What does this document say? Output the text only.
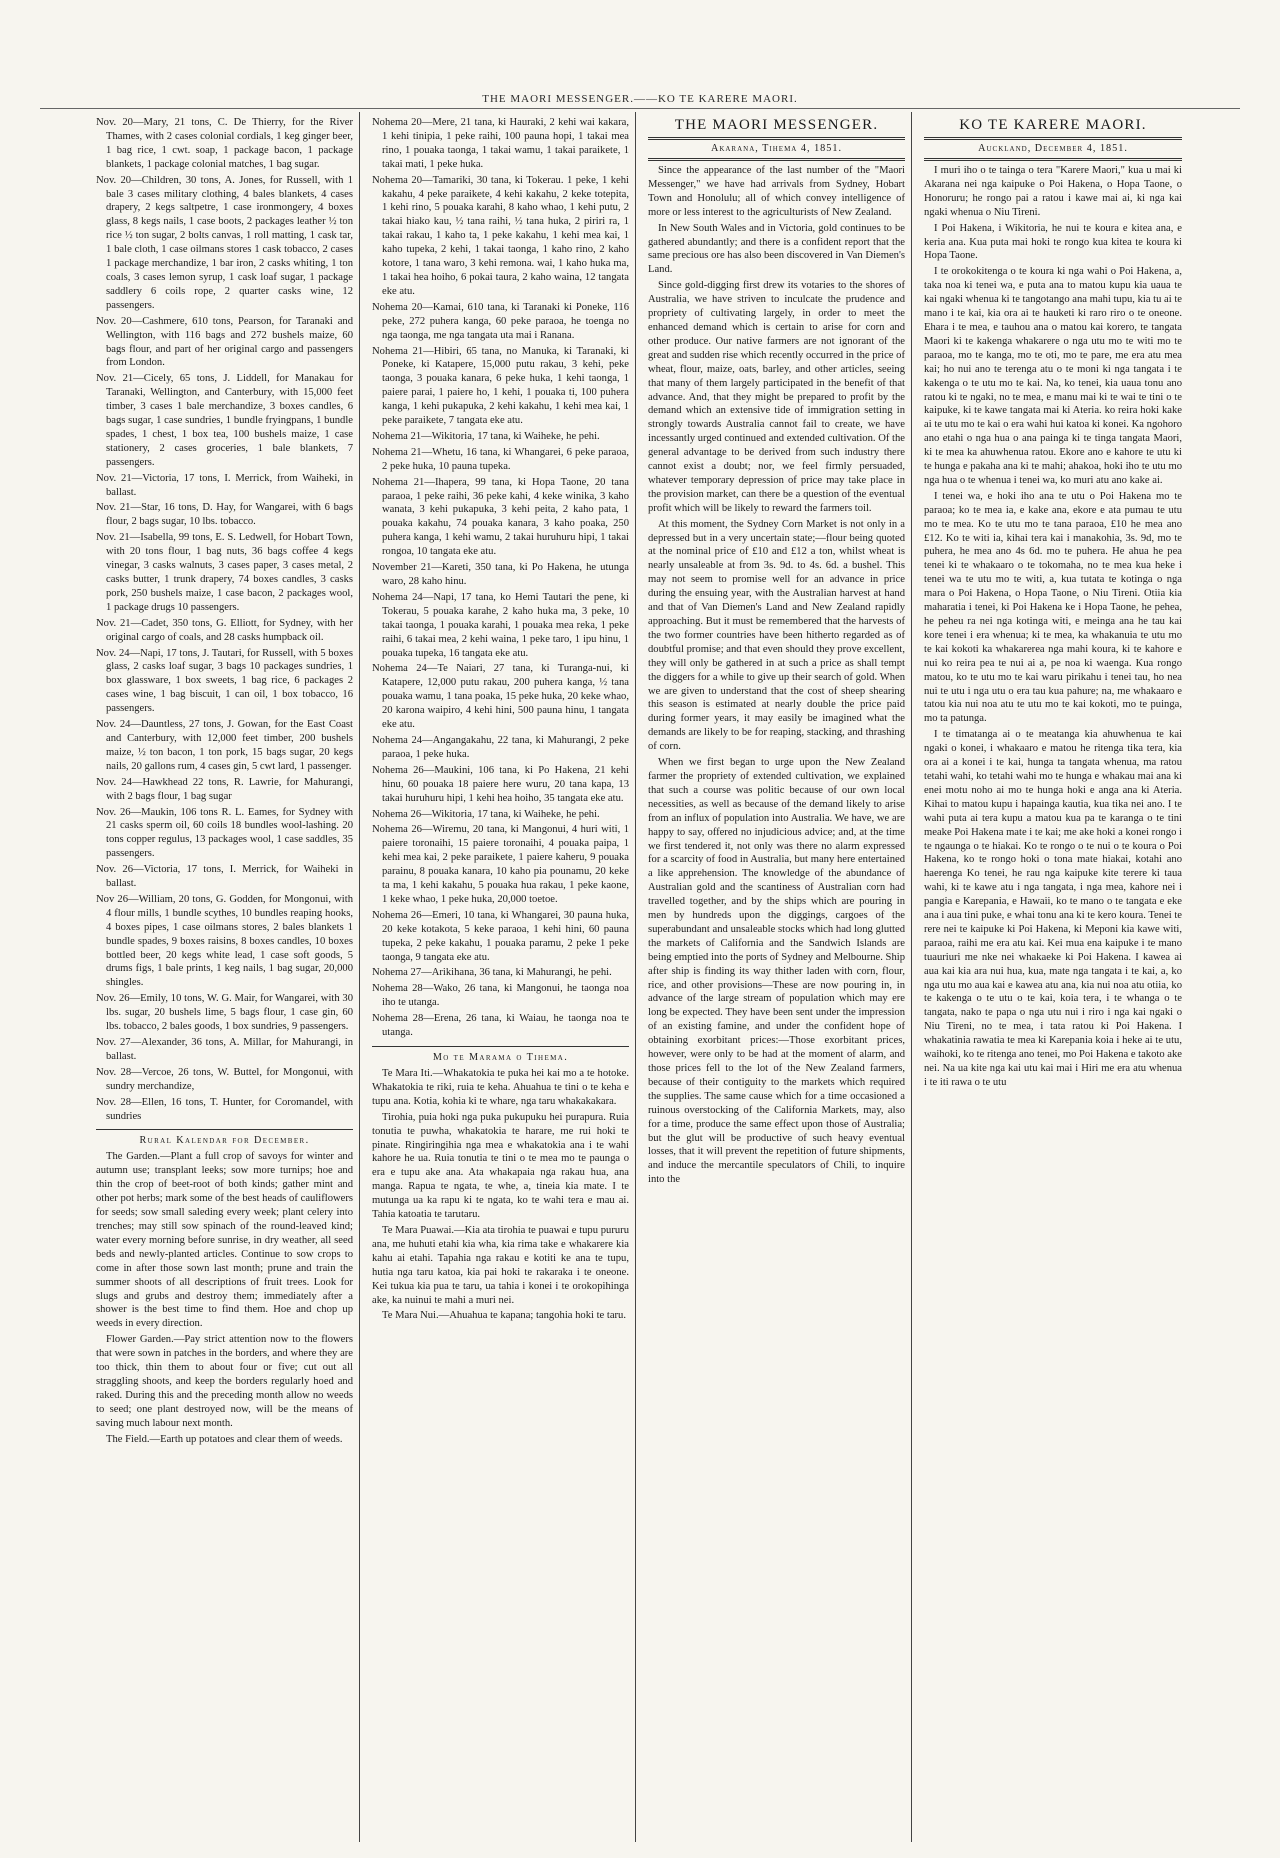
THE MAORI MESSENGER.——KO TE KARERE MAORI.

Nov. 20—Mary, 21 tons, C. De Thierry, for the River Thames, with 2 cases colonial cordials, 1 keg ginger beer, 1 bag rice, 1 cwt. soap, 1 package bacon, 1 package blankets, 1 package colonial matches, 1 bag sugar.

Nov. 20—Children, 30 tons, A. Jones, for Russell, with 1 bale 3 cases military clothing, 4 bales blankets, 4 cases drapery, 2 kegs saltpetre, 1 case ironmongery, 4 boxes glass, 8 kegs nails, 1 case boots, 2 packages leather ½ ton rice ½ ton sugar, 2 bolts canvas, 1 roll matting, 1 cask tar, 1 bale cloth, 1 case oilmans stores 1 cask tobacco, 2 cases 1 package merchandize, 1 bar iron, 2 casks whiting, 1 ton coals, 3 cases lemon syrup, 1 cask loaf sugar, 1 package saddlery 6 coils rope, 2 quarter casks wine, 12 passengers.

Nov. 20—Cashmere, 610 tons, Pearson, for Taranaki and Wellington, with 116 bags and 272 bushels maize, 60 bags flour, and part of her original cargo and passengers from London.

Nov. 21—Cicely, 65 tons, J. Liddell, for Manakau for Taranaki, Wellington, and Canterbury, with 15,000 feet timber, 3 cases 1 bale merchandize, 3 boxes candles, 6 bags sugar, 1 case sundries, 1 bundle fryingpans, 1 bundle spades, 1 chest, 1 box tea, 100 bushels maize, 1 case stationery, 2 cases groceries, 1 bale blankets, 7 passengers.

Nov. 21—Victoria, 17 tons, I. Merrick, from Waiheki, in ballast.

Nov. 21—Star, 16 tons, D. Hay, for Wangarei, with 6 bags flour, 2 bags sugar, 10 lbs. tobacco.

Nov. 21—Isabella, 99 tons, E. S. Ledwell, for Hobart Town, with 20 tons flour, 1 bag nuts, 36 bags coffee 4 kegs vinegar, 3 casks walnuts, 3 cases paper, 3 cases metal, 2 casks butter, 1 trunk drapery, 74 boxes candles, 3 casks pork, 250 bushels maize, 1 case bacon, 2 packages wool, 1 package drugs 10 passengers.

Nov. 21—Cadet, 350 tons, G. Elliott, for Sydney, with her original cargo of coals, and 28 casks humpback oil.

Nov. 24—Napi, 17 tons, J. Tautari, for Russell, with 5 boxes glass, 2 casks loaf sugar, 3 bags 10 packages sundries, 1 box glassware, 1 box sweets, 1 bag rice, 6 packages 2 cases wine, 1 bag biscuit, 1 can oil, 1 box tobacco, 16 passengers.

Nov. 24—Dauntless, 27 tons, J. Gowan, for the East Coast and Canterbury, with 12,000 feet timber, 200 bushels maize, ½ ton bacon, 1 ton pork, 15 bags sugar, 20 kegs nails, 20 gallons rum, 4 cases gin, 5 cwt lard, 1 passenger.

Nov. 24—Hawkhead 22 tons, R. Lawrie, for Mahurangi, with 2 bags flour, 1 bag sugar

Nov. 26—Maukin, 106 tons R. L. Eames, for Sydney with 21 casks sperm oil, 60 coils 18 bundles wool-lashing. 20 tons copper regulus, 13 packages wool, 1 case saddles, 35 passengers.

Nov. 26—Victoria, 17 tons, I. Merrick, for Waiheki in ballast.

Nov 26—William, 20 tons, G. Godden, for Mongonui, with 4 flour mills, 1 bundle scythes, 10 bundles reaping hooks, 4 boxes pipes, 1 case oilmans stores, 2 bales blankets 1 bundle spades, 9 boxes raisins, 8 boxes candles, 10 boxes bottled beer, 20 kegs white lead, 1 case soft goods, 5 drums figs, 1 bale prints, 1 keg nails, 1 bag sugar, 20,000 shingles.

Nov. 26—Emily, 10 tons, W. G. Mair, for Wangarei, with 30 lbs. sugar, 20 bushels lime, 5 bags flour, 1 case gin, 60 lbs. tobacco, 2 bales goods, 1 box sundries, 9 passengers.

Nov. 27—Alexander, 36 tons, A. Millar, for Mahurangi, in ballast.

Nov. 28—Vercoe, 26 tons, W. Buttel, for Mongonui, with sundry merchandize,

Nov. 28—Ellen, 16 tons, T. Hunter, for Coromandel, with sundries

Rural Kalendar for December.

The Garden.—Plant a full crop of savoys for winter and autumn use; transplant leeks; sow more turnips; hoe and thin the crop of beet-root of both kinds; gather mint and other pot herbs; mark some of the best heads of cauliflowers for seeds; sow small saleding every week; plant celery into trenches; may still sow spinach of the round-leaved kind; water every morning before sunrise, in dry weather, all seed beds and newly-planted articles. Continue to sow crops to come in after those sown last month; prune and train the summer shoots of all descriptions of fruit trees. Look for slugs and grubs and destroy them; immediately after a shower is the best time to find them. Hoe and chop up weeds in every direction.

Flower Garden.—Pay strict attention now to the flowers that were sown in patches in the borders, and where they are too thick, thin them to about four or five; cut out all straggling shoots, and keep the borders regularly hoed and raked. During this and the preceding month allow no weeds to seed; one plant destroyed now, will be the means of saving much labour next month.

The Field.—Earth up potatoes and clear them of weeds.

Nohema 20—Mere, 21 tana, ki Hauraki, 2 kehi wai kakara, 1 kehi tinipia, 1 peke raihi, 100 pauna hopi, 1 takai mea rino, 1 pouaka taonga, 1 takai wamu, 1 takai paraikete, 1 takai mati, 1 peke huka.

Nohema 20—Tamariki, 30 tana, ki Tokerau. 1 peke, 1 kehi kakahu, 4 peke paraikete, 4 kehi kakahu, 2 keke totepita, 1 kehi rino, 5 pouaka karahi, 8 kaho whao, 1 kehi putu, 2 takai hiako kau, ½ tana raihi, ½ tana huka, 2 piriri ra, 1 takai rakau, 1 kaho ta, 1 peke kakahu, 1 kehi mea kai, 1 kaho tupeka, 2 kehi, 1 takai taonga, 1 kaho rino, 2 kaho kotore, 1 tana waro, 3 kehi remona. wai, 1 kaho huka ma, 1 takai hea hoiho, 6 pokai taura, 2 kaho waina, 12 tangata eke atu.

Nohema 20—Kamai, 610 tana, ki Taranaki ki Poneke, 116 peke, 272 puhera kanga, 60 peke paraoa, he toenga no nga taonga, me nga tangata uta mai i Ranana.

Nohema 21—Hibiri, 65 tana, no Manuka, ki Taranaki, ki Poneke, ki Katapere, 15,000 putu rakau, 3 kehi, peke taonga, 3 pouaka kanara, 6 peke huka, 1 kehi taonga, 1 paiere parai, 1 paiere ho, 1 kehi, 1 pouaka ti, 100 puhera kanga, 1 kehi pukapuka, 2 kehi kakahu, 1 kehi mea kai, 1 peke paraikete, 7 tangata eke atu.

Nohema 21—Wikitoria, 17 tana, ki Waiheke, he pehi.

Nohema 21—Whetu, 16 tana, ki Whangarei, 6 peke paraoa, 2 peke huka, 10 pauna tupeka.

Nohema 21—Ihapera, 99 tana, ki Hopa Taone, 20 tana paraoa, 1 peke raihi, 36 peke kahi, 4 keke winika, 3 kaho wanata, 3 kehi pukapuka, 3 kehi peita, 2 kaho pata, 1 pouaka kakahu, 74 pouaka kanara, 3 kaho poaka, 250 puhera kanga, 1 kehi wamu, 2 takai huruhuru hipi, 1 takai rongoa, 10 tangata eke atu.

November 21—Kareti, 350 tana, ki Po Hakena, he utunga waro, 28 kaho hinu.

Nohema 24—Napi, 17 tana, ko Hemi Tautari the pene, ki Tokerau, 5 pouaka karahe, 2 kaho huka ma, 3 peke, 10 takai taonga, 1 pouaka karahi, 1 pouaka mea reka, 1 peke raihi, 6 takai mea, 2 kehi waina, 1 peke taro, 1 ipu hinu, 1 pouaka tupeka, 16 tangata eke atu.

Nohema 24—Te Naiari, 27 tana, ki Turanga-nui, ki Katapere, 12,000 putu rakau, 200 puhera kanga, ½ tana pouaka wamu, 1 tana poaka, 15 peke huka, 20 keke whao, 20 karona waipiro, 4 kehi hini, 500 pauna hinu, 1 tangata eke atu.

Nohema 24—Angangakahu, 22 tana, ki Mahurangi, 2 peke paraoa, 1 peke huka.

Nohema 26—Maukini, 106 tana, ki Po Hakena, 21 kehi hinu, 60 pouaka 18 paiere here wuru, 20 tana kapa, 13 takai huruhuru hipi, 1 kehi hea hoiho, 35 tangata eke atu.

Nohema 26—Wikitoria, 17 tana, ki Waiheke, he pehi.

Nohema 26—Wiremu, 20 tana, ki Mangonui, 4 huri witi, 1 paiere toronaihi, 15 paiere toronaihi, 4 pouaka paipa, 1 kehi mea kai, 2 peke paraikete, 1 paiere kaheru, 9 pouaka parainu, 8 pouaka kanara, 10 kaho pia pounamu, 20 keke ta ma, 1 kehi kakahu, 5 pouaka hua rakau, 1 peke kaone, 1 keke whao, 1 peke huka, 20,000 toetoe.

Nohema 26—Emeri, 10 tana, ki Whangarei, 30 pauna huka, 20 keke kotakota, 5 keke paraoa, 1 kehi hini, 60 pauna tupeka, 2 peke kakahu, 1 pouaka paramu, 2 peke 1 peke taonga, 9 tangata eke atu.

Nohema 27—Arikihana, 36 tana, ki Mahurangi, he pehi.

Nohema 28—Wako, 26 tana, ki Mangonui, he taonga noa iho te utanga.

Nohema 28—Erena, 26 tana, ki Waiau, he taonga noa te utanga.

Mo te Marama o Tihema.

Te Mara Iti.—Whakatokia te puka hei kai mo a te hotoke. Whakatokia te riki, ruia te keha. Ahuahua te tini o te keha e tupu ana. Kotia, kohia ki te whare, nga taru whakakakara.

Tirohia, puia hoki nga puka pukupuku hei purapura. Ruia tonutia te puwha, whakatokia te harare, me rui hoki te pinate. Ringiringihia nga mea e whakatokia ana i te wahi kahore he ua. Ruia tonutia te tini o te mea mo te paunga o era e tupu ake ana. Ata whakapaia nga rakau hua, ana manga. Rapua te ngata, te whe, a, tineia kia mate. I te mutunga ua ka rapu ki te ngata, ko te wahi tera e mau ai. Tahia katoatia te tarutaru.

Te Mara Puawai.—Kia ata tirohia te puawai e tupu pururu ana, me huhuti etahi kia wha, kia rima take e whakarere kia kahu ai etahi. Tapahia nga rakau e kotiti ke ana te tupu, hutia nga taru katoa, kia pai hoki te rakaraka i te oneone. Kei tukua kia pua te taru, ua tahia i konei i te orokopihinga ake, ka nuinui te mahi a muri nei.

Te Mara Nui.—Ahuahua te kapana; tangohia hoki te taru.

THE MAORI MESSENGER.
Akarana, Tihema 4, 1851.

Since the appearance of the last number of the "Maori Messenger," we have had arrivals from Sydney, Hobart Town and Honolulu; all of which convey intelligence of more or less interest to the agriculturists of New Zealand.

In New South Wales and in Victoria, gold continues to be gathered abundantly; and there is a confident report that the same precious ore has also been discovered in Van Diemen's Land.

Since gold-digging first drew its votaries to the shores of Australia, we have striven to inculcate the prudence and propriety of cultivating largely, in order to meet the enhanced demand which is certain to arise for corn and other produce. Our native farmers are not ignorant of the great and sudden rise which recently occurred in the price of wheat, flour, maize, oats, barley, and other articles, seeing that many of them largely participated in the benefit of that advance. And, that they might be prepared to profit by the demand which an extensive tide of immigration setting in strongly towards Australia cannot fail to create, we have incessantly urged continued and extended cultivation. Of the general advantage to be derived from such industry there cannot exist a doubt; nor, we feel firmly persuaded, whatever temporary depression of price may take place in the provision market, can there be a question of the eventual profit which will be likely to reward the farmers toil.

At this moment, the Sydney Corn Market is not only in a depressed but in a very uncertain state;—flour being quoted at the nominal price of £10 and £12 a ton, whilst wheat is nearly unsaleable at from 3s. 9d. to 4s. 6d. a bushel. This may not seem to promise well for an advance in price during the ensuing year, with the Australian harvest at hand and that of Van Diemen's Land and New Zealand rapidly approaching. But it must be remembered that the harvests of the two former countries have been hitherto regarded as of doubtful promise; and that even should they prove excellent, they will only be gathered in at such a price as shall tempt the diggers for a while to give up their search of gold. When we are given to understand that the cost of sheep shearing this season is estimated at nearly double the price paid during former years, it may easily be imagined what the demands are likely to be for reaping, stacking, and thrashing of corn.

When we first began to urge upon the New Zealand farmer the propriety of extended cultivation, we explained that such a course was politic because of our own local necessities, as well as because of the demand likely to arise from an influx of population into Australia. We have, we are happy to say, offered no injudicious advice; and, at the time we first tendered it, not only was there no alarm expressed for a scarcity of food in Australia, but many here entertained a like apprehension. The knowledge of the abundance of Australian gold and the scantiness of Australian corn had travelled together, and by the ships which are pouring in men by hundreds upon the diggings, cargoes of the superabundant and unsaleable stocks which had long glutted the markets of California and the Sandwich Islands are being emptied into the ports of Sydney and Melbourne. Ship after ship is finding its way thither laden with corn, flour, rice, and other provisions—These are now pouring in, in advance of the large stream of population which may ere long be expected. They have been sent under the impression of an existing famine, and under the confident hope of obtaining exorbitant prices:—Those exorbitant prices, however, were only to be had at the moment of alarm, and those prices fell to the lot of the New Zealand farmers, because of their contiguity to the markets which required the supplies. The same cause which for a time occasioned a ruinous overstocking of the California Markets, may, also for a time, produce the same effect upon those of Australia; but the glut will be productive of such heavy eventual losses, that it will prevent the repetition of future shipments, and induce the mercantile speculators of Chili, to inquire into the

KO TE KARERE MAORI.
Auckland, December 4, 1851.

I muri iho o te tainga o tera "Karere Maori," kua u mai ki Akarana nei nga kaipuke o Poi Hakena, o Hopa Taone, o Honoruru; he rongo pai a ratou i kawe mai ai, ki nga kai ngaki whenua o Niu Tireni.

I Poi Hakena, i Wikitoria, he nui te koura e kitea ana, e keria ana. Kua puta mai hoki te rongo kua kitea te koura ki Hopa Taone.

I te orokokitenga o te koura ki nga wahi o Poi Hakena, a, taka noa ki tenei wa, e puta ana to matou kupu kia uaua te kai ngaki whenua ki te tangotango ana mahi tupu, kia tu ai te mano i te kai, kia ora ai te hauketi ki raro riro o te oneone. Ehara i te mea, e tauhou ana o matou kai korero, te tangata Maori ki te kakenga whakarere o nga utu mo te witi mo te paraoa, mo te kanga, mo te oti, mo te pare, me era atu mea kai; ho nui ano te terenga atu o te moni ki nga tangata i te kakenga o te utu mo te kai. Na, ko tenei, kia uaua tonu ano ratou ki te ngaki, no te mea, e manu mai ki te wai te tini o te kaipuke, ki te kawe tangata mai ki Ateria. ko reira hoki kake ai te utu mo te kai o era wahi hui katoa ki konei. Ka ngohoro ano etahi o nga hua o ana painga ki te tinga tangata Maori, ki te mea ka ahuwhenua ratou. Ekore ano e kahore te utu ki te hunga e pakaha ana ki te mahi; ahakoa, hoki iho te utu mo nga hua o te whenua i tenei wa, ko muri atu ano kake ai.

I tenei wa, e hoki iho ana te utu o Poi Hakena mo te paraoa; ko te mea ia, e kake ana, ekore e ata pumau te utu mo te mea. Ko te utu mo te tana paraoa, £10 he mea ano £12. Ko te witi ia, kihai tera kai i manakohia, 3s. 9d, mo te puhera, he mea ano 4s 6d. mo te puhera. He ahua he pea tenei ki te whakaaro o te tokomaha, no te mea kua heke i tenei wa te utu mo te witi, a, kua tutata te kotinga o nga mara o Poi Hakena, o Hopa Taone, o Niu Tireni. Otiia kia maharatia i tenei, ki Poi Hakena ke i Hopa Taone, he pehea, he peheu ra nei nga kotinga witi, e meinga ana he tau kai kore tenei i era whenua; ki te mea, ka whakanuia te utu mo te kai kokoti ka whakarerea nga mahi koura, ki te kahore e nui ko reira pea te nui ai a, pe noa ki waenga. Kua rongo matou, ko te utu mo te kai waru pirikahu i tenei tau, ho nea nui te utu i nga utu o era tau kua pahure; na, me whakaaro e tatou kia nui noa atu te utu mo te kai kokoti, mo te puinga, mo ta patunga.

I te timatanga ai o te meatanga kia ahuwhenua te kai ngaki o konei, i whakaaro e matou he ritenga tika tera, kia ora ai a konei i te kai, hunga ta tangata whenua, ma ratou tetahi wahi, ko tetahi wahi mo te hunga e whakau mai ana ki enei motu noho ai mo te hunga hoki e anga ana ki Ateria. Kihai to matou kupu i hapainga kautia, kua tika nei ano. I te wahi puta ai tera kupu a matou kua pa te karanga o te tini meake Poi Hakena mate i te kai; me ake hoki a konei rongo i te ngaunga o te hiakai. Ko te rongo o te nui o te koura o Poi Hakena, ko te rongo hoki o tona mate hiakai, kotahi ano haerenga Ko tenei, he rau nga kaipuke kite terere ki taua wahi, ki te kawe atu i nga tangata, i nga mea, kahore nei i pangia e Karepania, e Hawaii, ko te mano o te tangata e eke ana i aua tini puke, e whai tonu ana ki te kero koura. Tenei te rere nei te kaipuke ki Poi Hakena, ki Meponi kia kawe witi, paraoa, raihi me era atu kai. Kei mua ena kaipuke i te mano tuauriuri me nke nei whakaeke ki Poi Hakena. I kawea ai aua kai kia ara nui hua, kua, mate nga tangata i te kai, a, ko nga utu mo aua kai e kawea atu ana, kia nui noa atu otiia, ko te kakenga o te utu o te kai, koia tera, i te whanga o te tangata, nako te papa o nga utu nui i riro i nga kai ngaki o Niu Tireni, no te mea, i tata ratou ki Poi Hakena. I whakatinia rawatia te mea ki Karepania koia i heke ai te utu, waihoki, ko te ritenga ano tenei, mo Poi Hakena e takoto ake nei. Na ua kite nga kai utu kai mai i Hiri me era atu whenua i te iti rawa o te utu
